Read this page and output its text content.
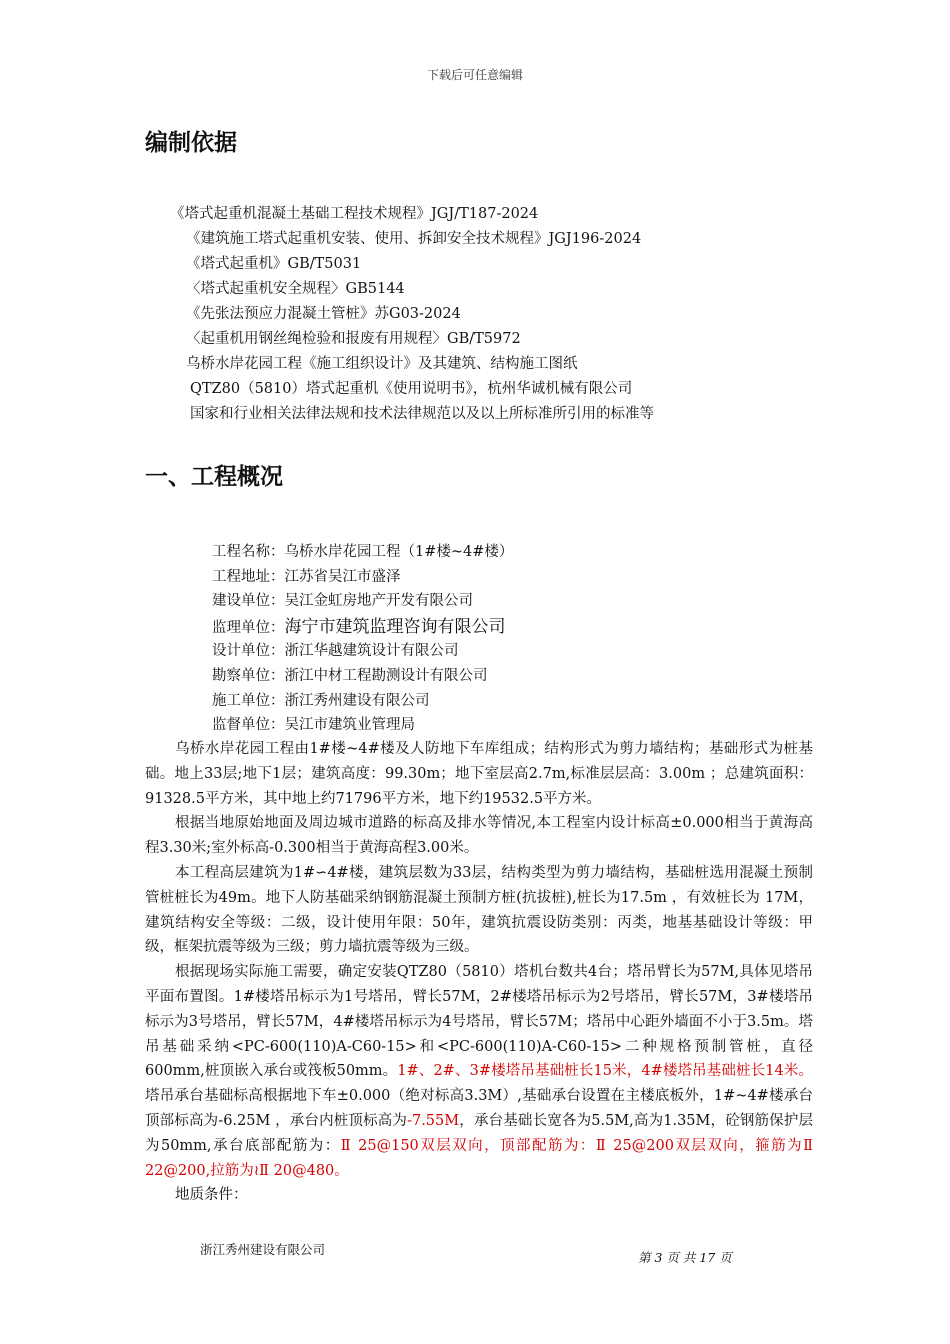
下载后可任意编辑
编制依据
《塔式起重机混凝土基础工程技术规程》JGJ/T187-2024
《建筑施工塔式起重机安装、使用、拆卸安全技术规程》JGJ196-2024
《塔式起重机》GB/T5031
〈塔式起重机安全规程〉GB5144
《先张法预应力混凝土管桩》苏G03-2024
〈起重机用钢丝绳检验和报废有用规程〉GB/T5972
乌桥水岸花园工程《施工组织设计》及其建筑、结构施工图纸
QTZ80（5810）塔式起重机《使用说明书》，杭州华诚机械有限公司
国家和行业相关法律法规和技术法律规范以及以上所标准所引用的标准等
一、工程概况
工程名称：乌桥水岸花园工程（1#楼~4#楼）
工程地址：江苏省吴江市盛泽
建设单位：吴江金虹房地产开发有限公司
监理单位：海宁市建筑监理咨询有限公司
设计单位：浙江华越建筑设计有限公司
勘察单位：浙江中材工程勘测设计有限公司
施工单位：浙江秀州建设有限公司
监督单位：吴江市建筑业管理局

乌桥水岸花园工程由1#楼~4#楼及人防地下车库组成；结构形式为剪力墙结构；基础形式为桩基础。地上33层;地下1层；建筑高度：99.30m；地下室层高2.7m,标准层层高：3.00m ；总建筑面积：91328.5平方米，其中地上约71796平方米，地下约19532.5平方米。

根据当地原始地面及周边城市道路的标高及排水等情况,本工程室内设计标高±0.000相当于黄海高程3.30米;室外标高-0.300相当于黄海高程3.00米。

本工程高层建筑为1#∽4#楼，建筑层数为33层，结构类型为剪力墙结构，基础桩选用混凝土预制管桩桩长为49m。地下人防基础采纳钢筋混凝土预制方桩(抗拔桩),桩长为17.5m ，有效桩长为 17M，建筑结构安全等级：二级，设计使用年限：50年，建筑抗震设防类别：丙类，地基基础设计等级：甲级，框架抗震等级为三级；剪力墙抗震等级为三级。

根据现场实际施工需要，确定安装QTZ80（5810）塔机台数共4台；塔吊臂长为57M,具体见塔吊平面布置图。1#楼塔吊标示为1号塔吊，臂长57M，2#楼塔吊标示为2号塔吊，臂长57M，3#楼塔吊标示为3号塔吊，臂长57M，4#楼塔吊标示为4号塔吊，臂长57M；塔吊中心距外墙面不小于3.5m。塔吊基础采纳<PC-600(110)A-C60-15>和<PC-600(110)A-C60-15>二种规格预制管桩，直径600mm,桩顶嵌入承台或筏板50mm。1#、2#、3#楼塔吊基础桩长15米，4#楼塔吊基础桩长14米。塔吊承台基础标高根据地下车±0.000（绝对标高3.3M）,基础承台设置在主楼底板外，1#~4#楼承台顶部标高为-6.25M ，承台内桩顶标高为-7.55M，承台基础长宽各为5.5M,高为1.35M，砼钢筋保护层为50mm,承台底部配筋为：Ⅱ 25@150双层双向，顶部配筋为：Ⅱ 25@200双层双向，箍筋为Ⅱ 22@200,拉筋为≀Ⅱ 20@480。

地质条件：

浙江秀州建设有限公司
第 3 页 共 17 页
